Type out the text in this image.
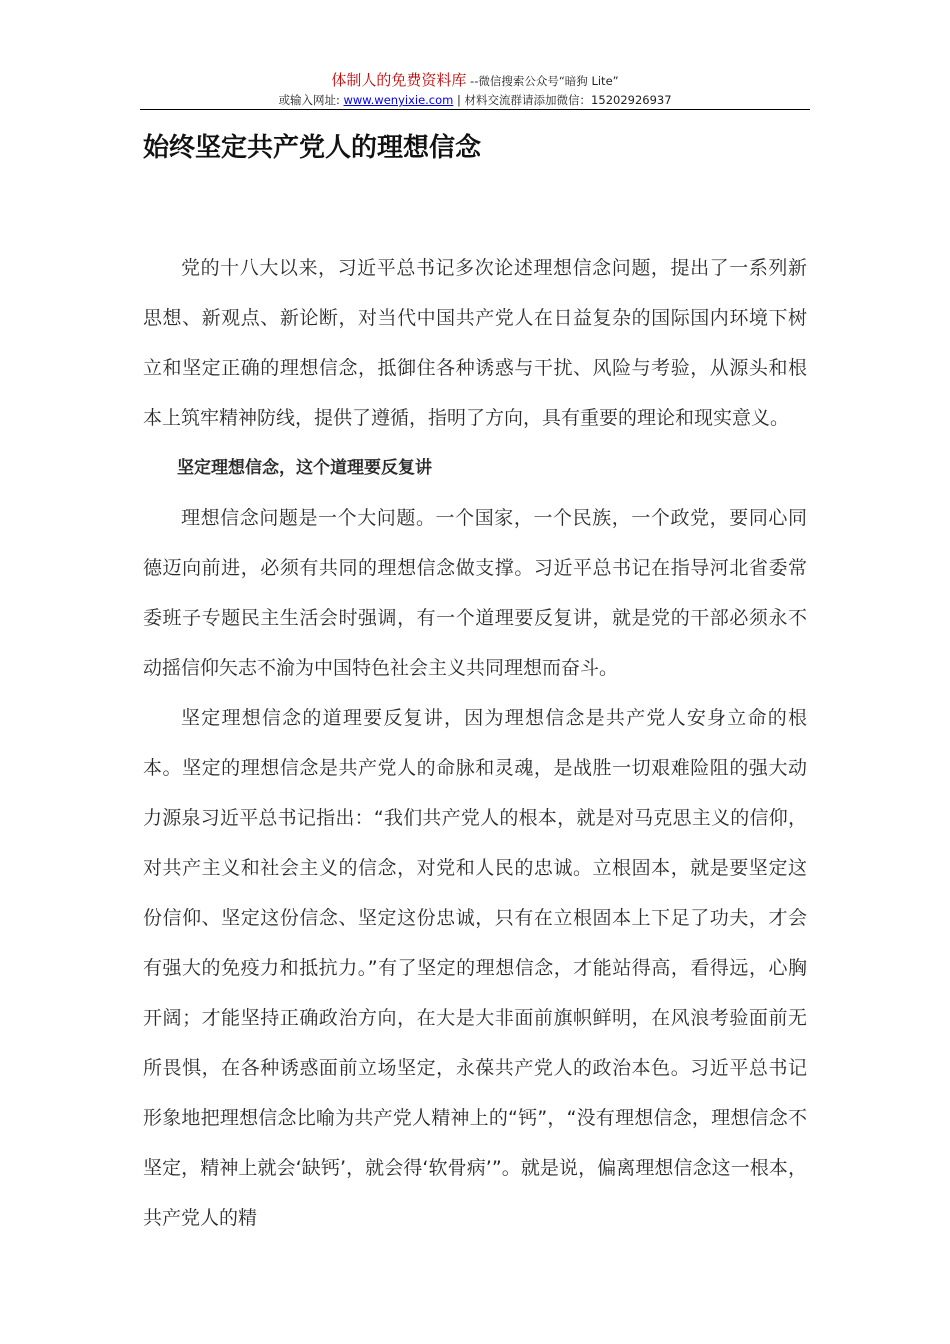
体制人的免费资料库 --微信搜索公众号“暗狗 Lite”
或输入网址: www.wenyixie.com | 材料交流群请添加微信：15202926937
始终坚定共产党人的理想信念

党的十八大以来，习近平总书记多次论述理想信念问题，提出了一系列新思想、新观点、新论断，对当代中国共产党人在日益复杂的国际国内环境下树立和坚定正确的理想信念，抵御住各种诱惑与干扰、风险与考验，从源头和根本上筑牢精神防线，提供了遵循，指明了方向，具有重要的理论和现实意义。

坚定理想信念，这个道理要反复讲

理想信念问题是一个大问题。一个国家，一个民族，一个政党，要同心同德迈向前进，必须有共同的理想信念做支撑。习近平总书记在指导河北省委常委班子专题民主生活会时强调，有一个道理要反复讲，就是党的干部必须永不动摇信仰矢志不渝为中国特色社会主义共同理想而奋斗。

坚定理想信念的道理要反复讲，因为理想信念是共产党人安身立命的根本。坚定的理想信念是共产党人的命脉和灵魂，是战胜一切艰难险阻的强大动力源泉习近平总书记指出：“我们共产党人的根本，就是对马克思主义的信仰，对共产主义和社会主义的信念，对党和人民的忠诚。立根固本，就是要坚定这份信仰、坚定这份信念、坚定这份忠诚，只有在立根固本上下足了功夫，才会有强大的免疫力和抵抗力。”有了坚定的理想信念，才能站得高，看得远，心胸开阔；才能坚持正确政治方向，在大是大非面前旗帜鲜明，在风浪考验面前无所畏惧，在各种诱惑面前立场坚定，永葆共产党人的政治本色。习近平总书记形象地把理想信念比喻为共产党人精神上的“钙”，“没有理想信念，理想信念不坚定，精神上就会‘缺钙’，就会得‘软骨病’”。就是说，偏离理想信念这一根本，共产党人的精
